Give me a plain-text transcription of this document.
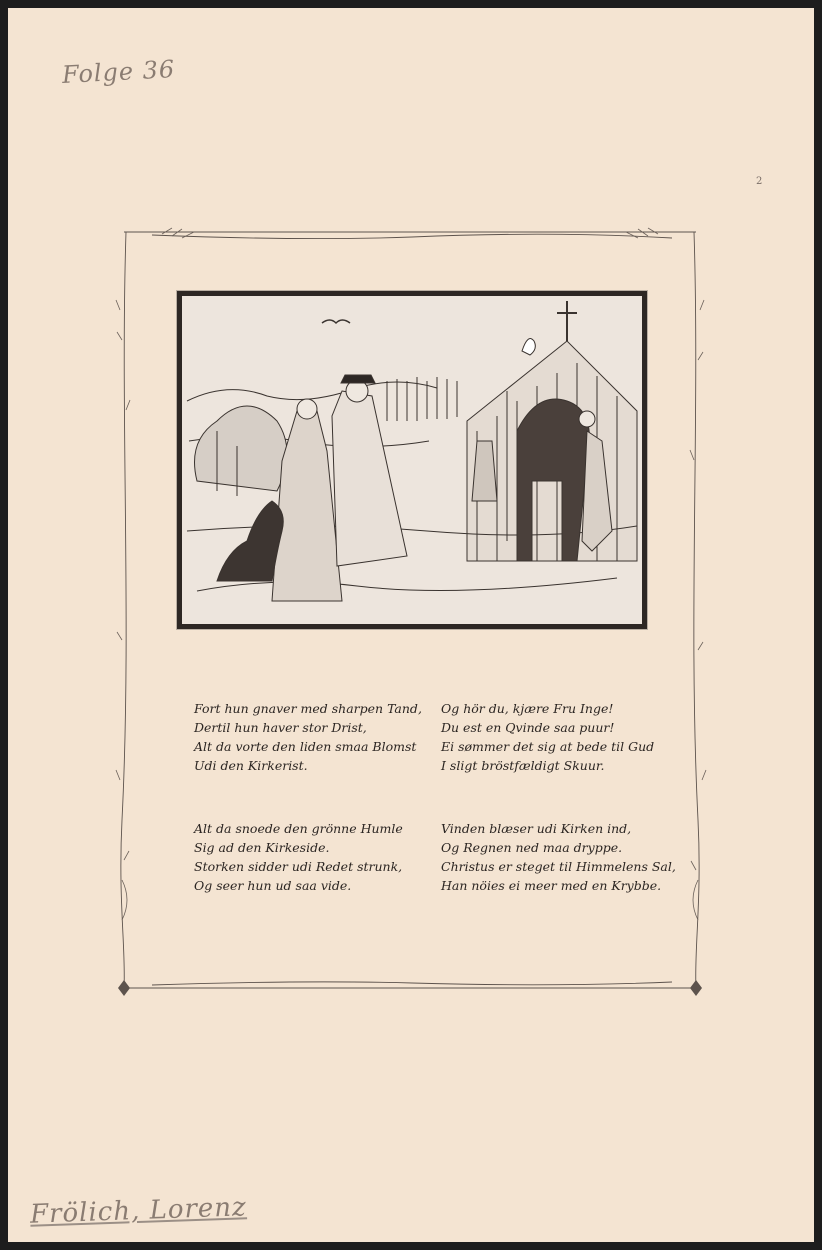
Folge 36
2
Fort hun gnaver med sharpen Tand,
Dertil hun haver stor Drist,
Alt da vorte den liden smaa Blomst
Udi den Kirkerist.
Og hör du, kjære Fru Inge!
Du est en Qvinde saa puur!
Ei sømmer det sig at bede til Gud
I sligt bröstfældigt Skuur.
Alt da snoede den grönne Humle
Sig ad den Kirkeside.
Storken sidder udi Redet strunk,
Og seer hun ud saa vide.
Vinden blæser udi Kirken ind,
Og Regnen ned maa dryppe.
Christus er steget til Himmelens Sal,
Han nöies ei meer med en Krybbe.
Frölich, Lorenz
